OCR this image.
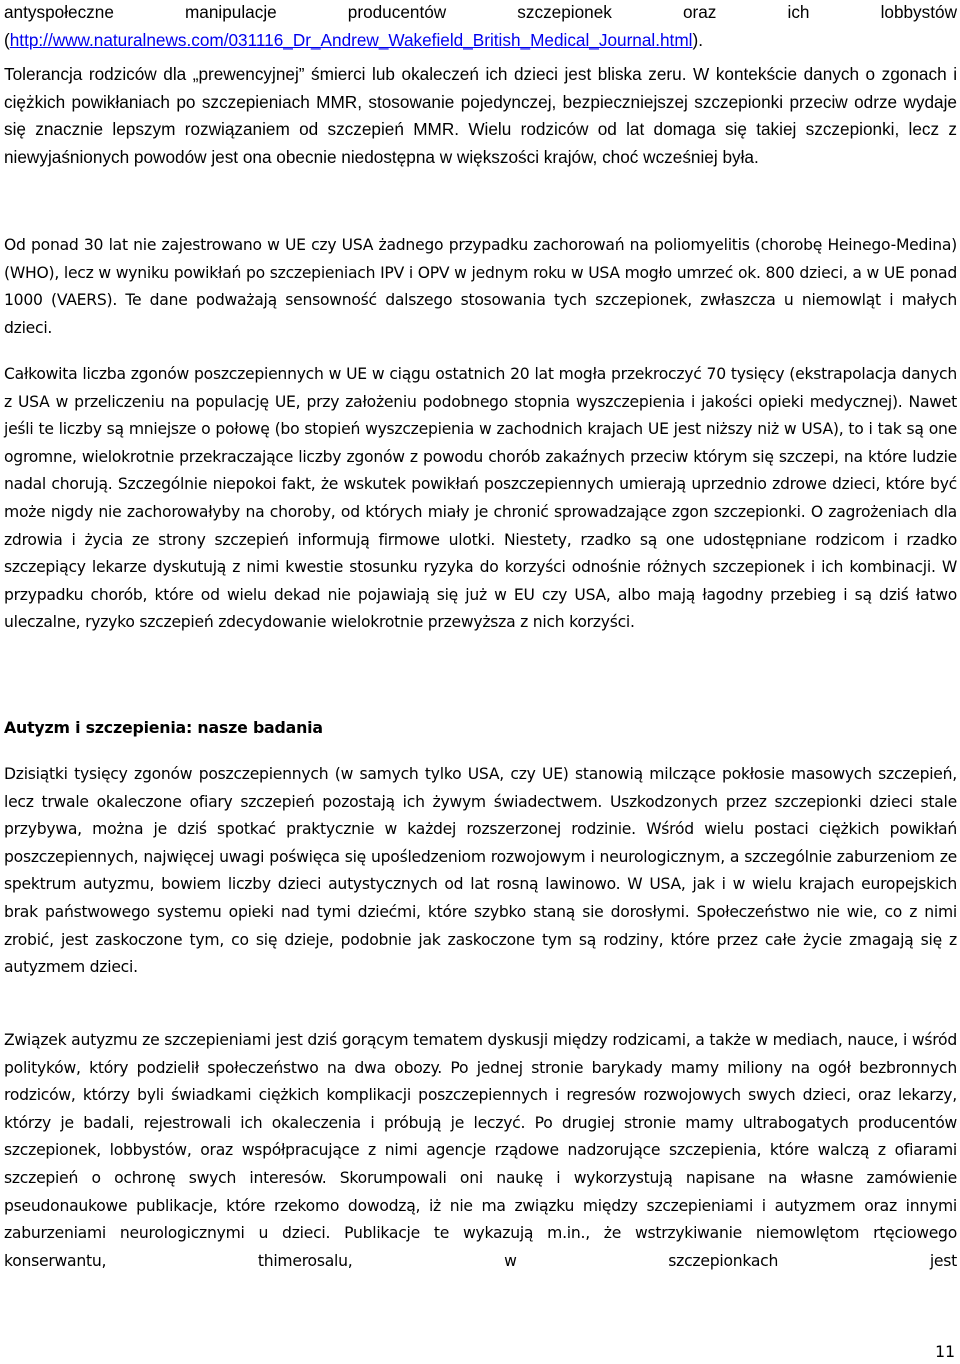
antyspołeczne manipulacje producentów szczepionek oraz ich lobbystów
(http://www.naturalnews.com/031116_Dr_Andrew_Wakefield_British_Medical_Journal.html).

Tolerancja rodziców dla „prewencyjnej” śmierci lub okaleczeń ich dzieci jest bliska zeru. W kontekście danych o zgonach i ciężkich powikłaniach po szczepieniach MMR, stosowanie pojedynczej, bezpieczniejszej szczepionki przeciw odrze wydaje się znacznie lepszym rozwiązaniem od szczepień MMR. Wielu rodziców od lat domaga się takiej szczepionki, lecz z niewyjaśnionych powodów jest ona obecnie niedostępna w większości krajów, choć wcześniej była.

Od ponad 30 lat nie zajestrowano w UE czy USA żadnego przypadku zachorowań na poliomyelitis (chorobę Heinego-Medina) (WHO), lecz w wyniku powikłań po szczepieniach IPV i OPV w jednym roku w USA mogło umrzeć ok. 800 dzieci, a w UE ponad 1000 (VAERS). Te dane podważają sensowność dalszego stosowania tych szczepionek, zwłaszcza u niemowląt i małych dzieci.

Całkowita liczba zgonów poszczepiennych w UE w ciągu ostatnich 20 lat mogła przekroczyć 70 tysięcy (ekstrapolacja danych z USA w przeliczeniu na populację UE, przy założeniu podobnego stopnia wyszczepienia i jakości opieki medycznej). Nawet jeśli te liczby są mniejsze o połowę (bo stopień wyszczepienia w zachodnich krajach UE jest niższy niż w USA), to i tak są one ogromne, wielokrotnie przekraczające liczby zgonów z powodu chorób zakaźnych przeciw którym się szczepi, na które ludzie nadal chorują. Szczególnie niepokoi fakt, że wskutek powikłań poszczepiennych umierają uprzednio zdrowe dzieci, które być może nigdy nie zachorowałyby na choroby, od których miały je chronić sprowadzające zgon szczepionki. O zagrożeniach dla zdrowia i życia ze strony szczepień informują firmowe ulotki. Niestety, rzadko są one udostępniane rodzicom i rzadko szczepiący lekarze dyskutują z nimi kwestie stosunku ryzyka do korzyści odnośnie różnych szczepionek i ich kombinacji. W przypadku chorób, które od wielu dekad nie pojawiają się już w EU czy USA, albo mają łagodny przebieg i są dziś łatwo uleczalne, ryzyko szczepień zdecydowanie wielokrotnie przewyższa z nich korzyści.

Autyzm i szczepienia: nasze badania

Dzisiątki tysięcy zgonów poszczepiennych (w samych tylko USA, czy UE) stanowią milczące pokłosie masowych szczepień, lecz trwale okaleczone ofiary szczepień pozostają ich żywym świadectwem. Uszkodzonych przez szczepionki dzieci stale przybywa, można je dziś spotkać praktycznie w każdej rozszerzonej rodzinie. Wśród wielu postaci ciężkich powikłań poszczepiennych, najwięcej uwagi poświęca się upośledzeniom rozwojowym i neurologicznym, a szczególnie zaburzeniom ze spektrum autyzmu, bowiem liczby dzieci autystycznych od lat rosną lawinowo. W USA, jak i w wielu krajach europejskich brak państwowego systemu opieki nad tymi dziećmi, które szybko staną sie dorosłymi. Społeczeństwo nie wie, co z nimi zrobić, jest zaskoczone tym, co się dzieje, podobnie jak zaskoczone tym są rodziny, które przez całe życie zmagają się z autyzmem dzieci.

Związek autyzmu ze szczepieniami jest dziś gorącym tematem dyskusji między rodzicami, a także w mediach, nauce, i wśród polityków, który podzielił społeczeństwo na dwa obozy. Po jednej stronie barykady mamy miliony na ogół bezbronnych rodziców, którzy byli świadkami ciężkich komplikacji poszczepiennych i regresów rozwojowych swych dzieci, oraz lekarzy, którzy je badali, rejestrowali ich okaleczenia i próbują je leczyć. Po drugiej stronie mamy ultrabogatych producentów szczepionek, lobbystów, oraz współpracujące z nimi agencje rządowe nadzorujące szczepienia, które walczą z ofiarami szczepień o ochronę swych interesów. Skorumpowali oni naukę i wykorzystują napisane na własne zamówienie pseudonaukowe publikacje, które rzekomo dowodzą, iż nie ma związku między szczepieniami i autyzmem oraz innymi zaburzeniami neurologicznymi u dzieci. Publikacje te wykazują m.in., że wstrzykiwanie niemowlętom rtęciowego konserwantu, thimerosalu, w szczepionkach jest

11
